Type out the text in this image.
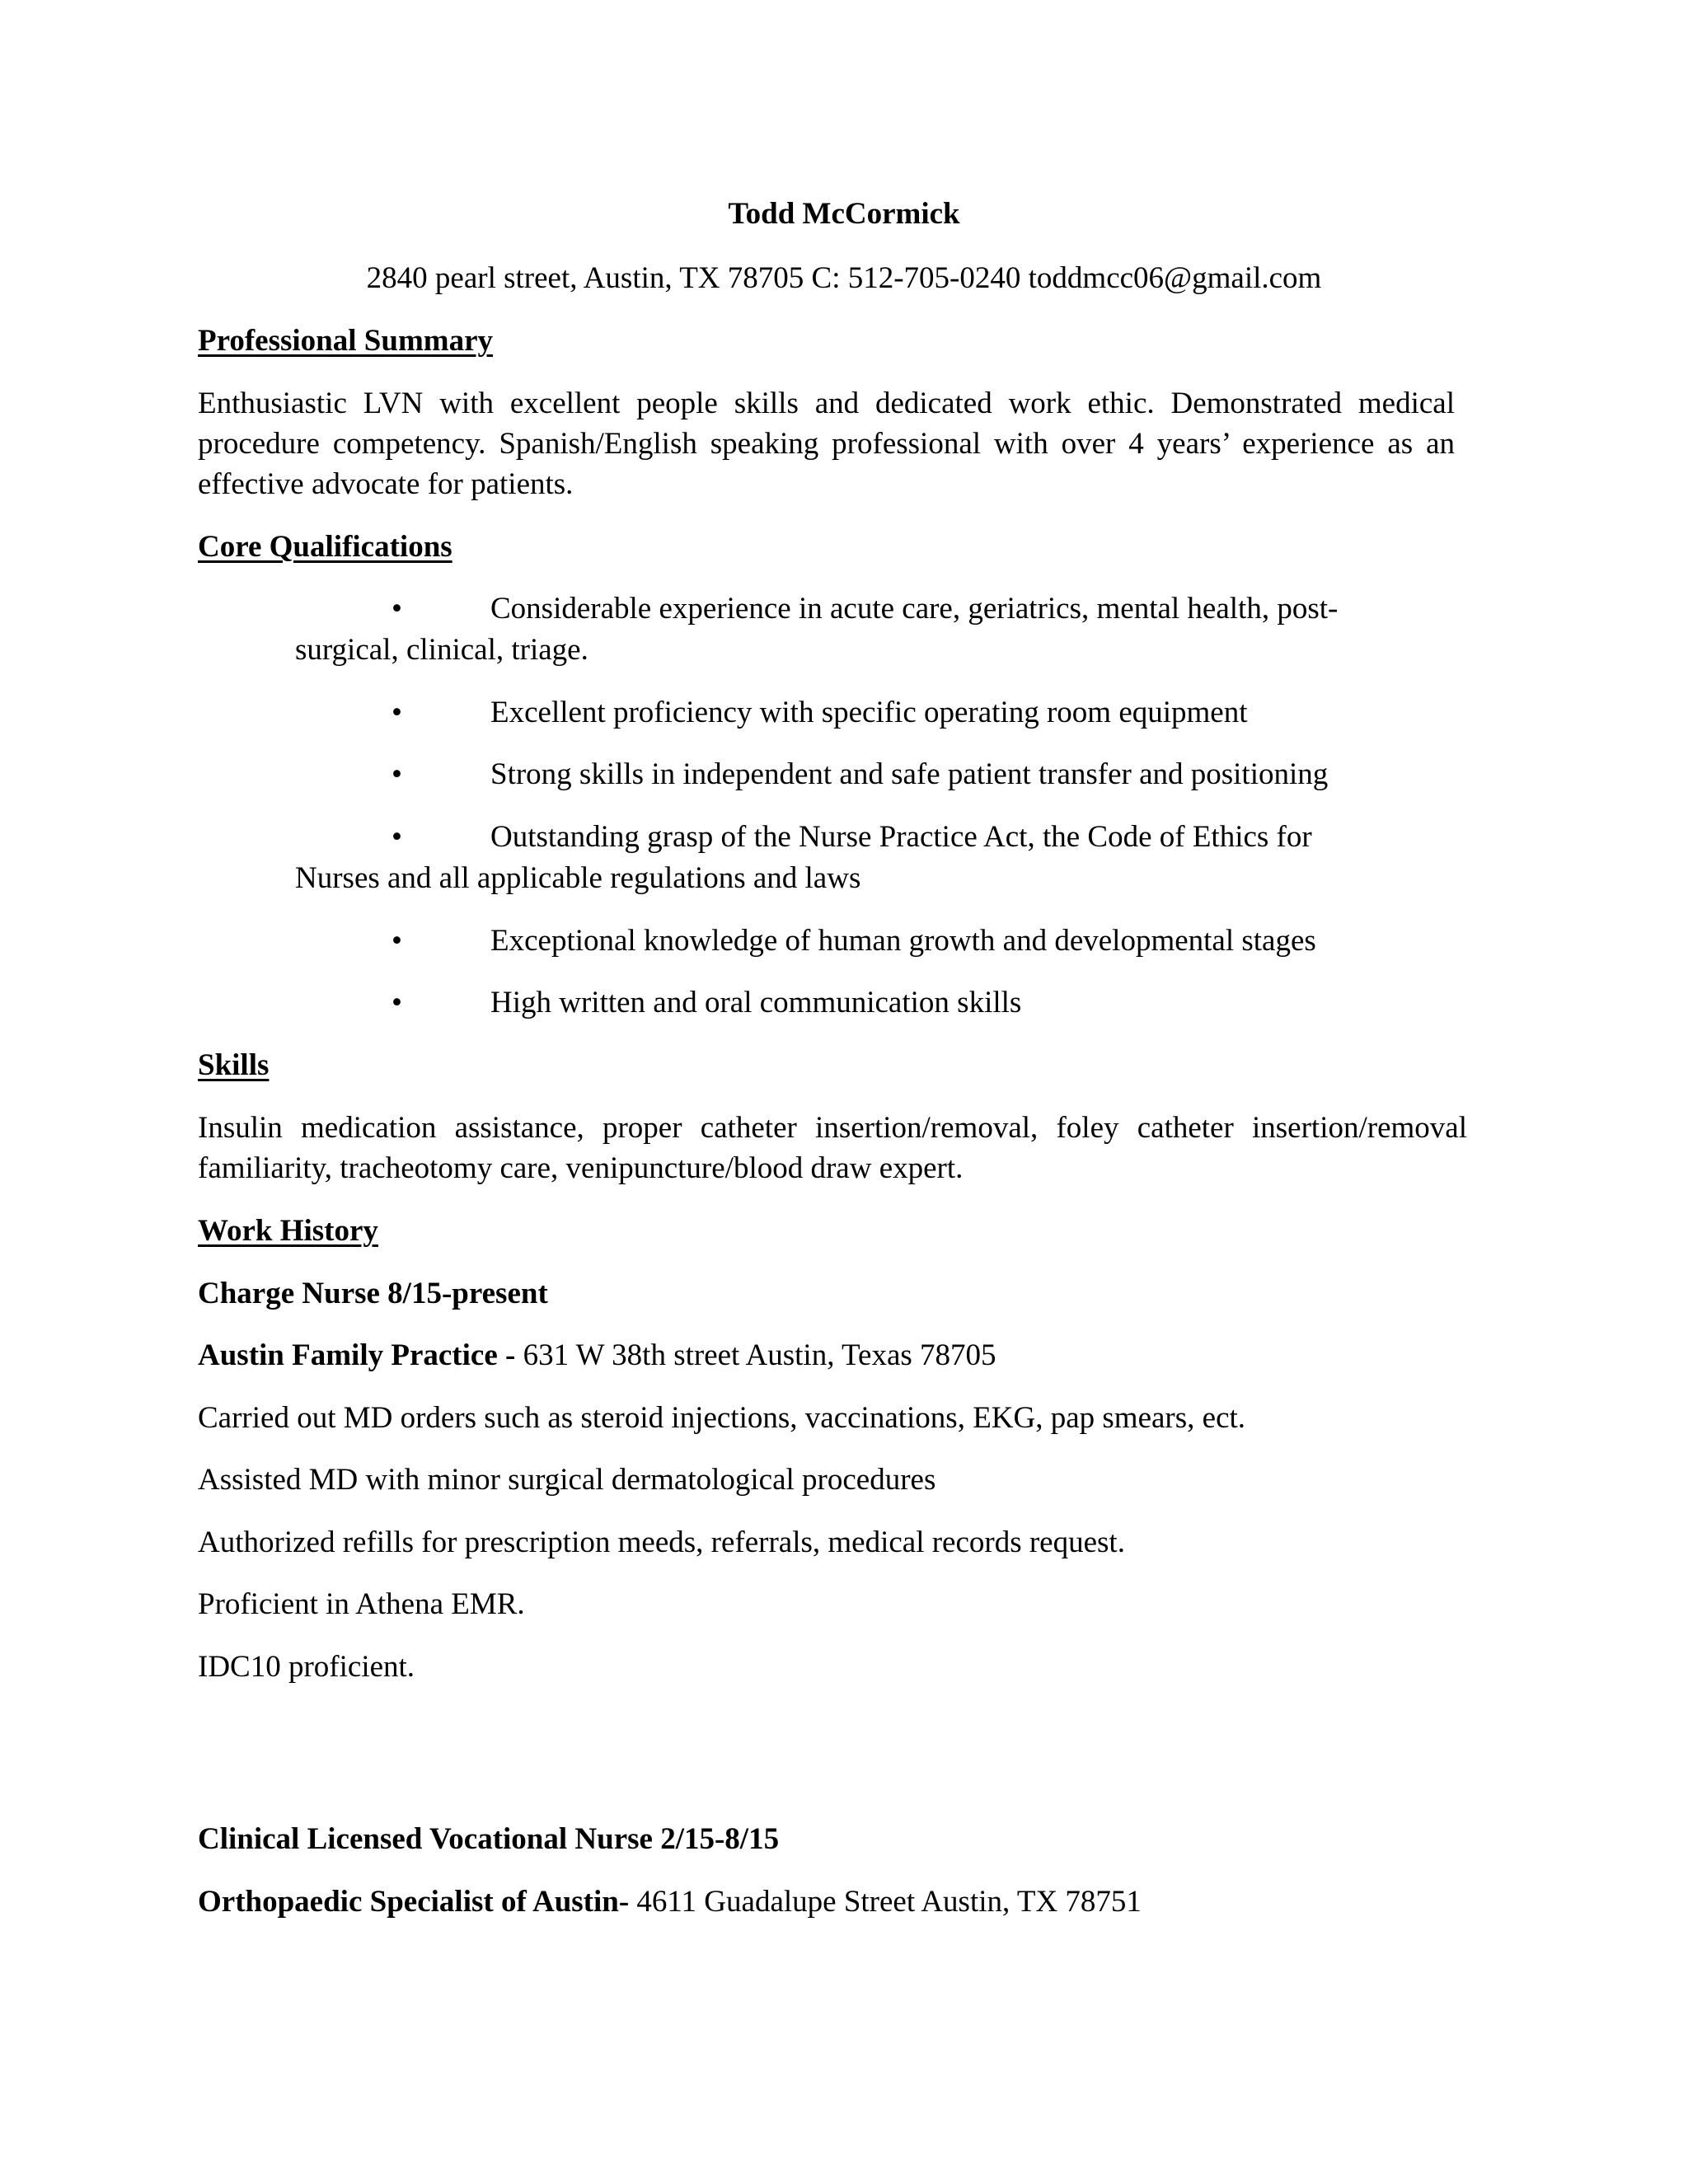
Todd McCormick
2840 pearl street, Austin, TX 78705 C: 512-705-0240 toddmcc06@gmail.com
Professional Summary
Enthusiastic LVN with excellent people skills and dedicated work ethic. Demonstrated medical procedure competency. Spanish/English speaking professional with over 4 years’ experience as an effective advocate for patients.
Core Qualifications
•	Considerable experience in acute care, geriatrics, mental health, post-
surgical, clinical, triage.
•	Excellent proficiency with specific operating room equipment
•	Strong skills in independent and safe patient transfer and positioning
•	Outstanding grasp of the Nurse Practice Act, the Code of Ethics for
Nurses and all applicable regulations and laws
•	Exceptional knowledge of human growth and developmental stages
•	High written and oral communication skills
Skills
Insulin medication assistance, proper catheter insertion/removal, foley catheter insertion/removal familiarity, tracheotomy care, venipuncture/blood draw expert.
Work History
Charge Nurse 8/15-present
Austin Family Practice - 631 W 38th street Austin, Texas 78705
Carried out MD orders such as steroid injections, vaccinations, EKG, pap smears, ect.
Assisted MD with minor surgical dermatological procedures
Authorized refills for prescription meeds, referrals, medical records request.
Proficient in Athena EMR.
IDC10 proficient.
Clinical Licensed Vocational Nurse 2/15-8/15
Orthopaedic Specialist of Austin- 4611 Guadalupe Street Austin, TX 78751
